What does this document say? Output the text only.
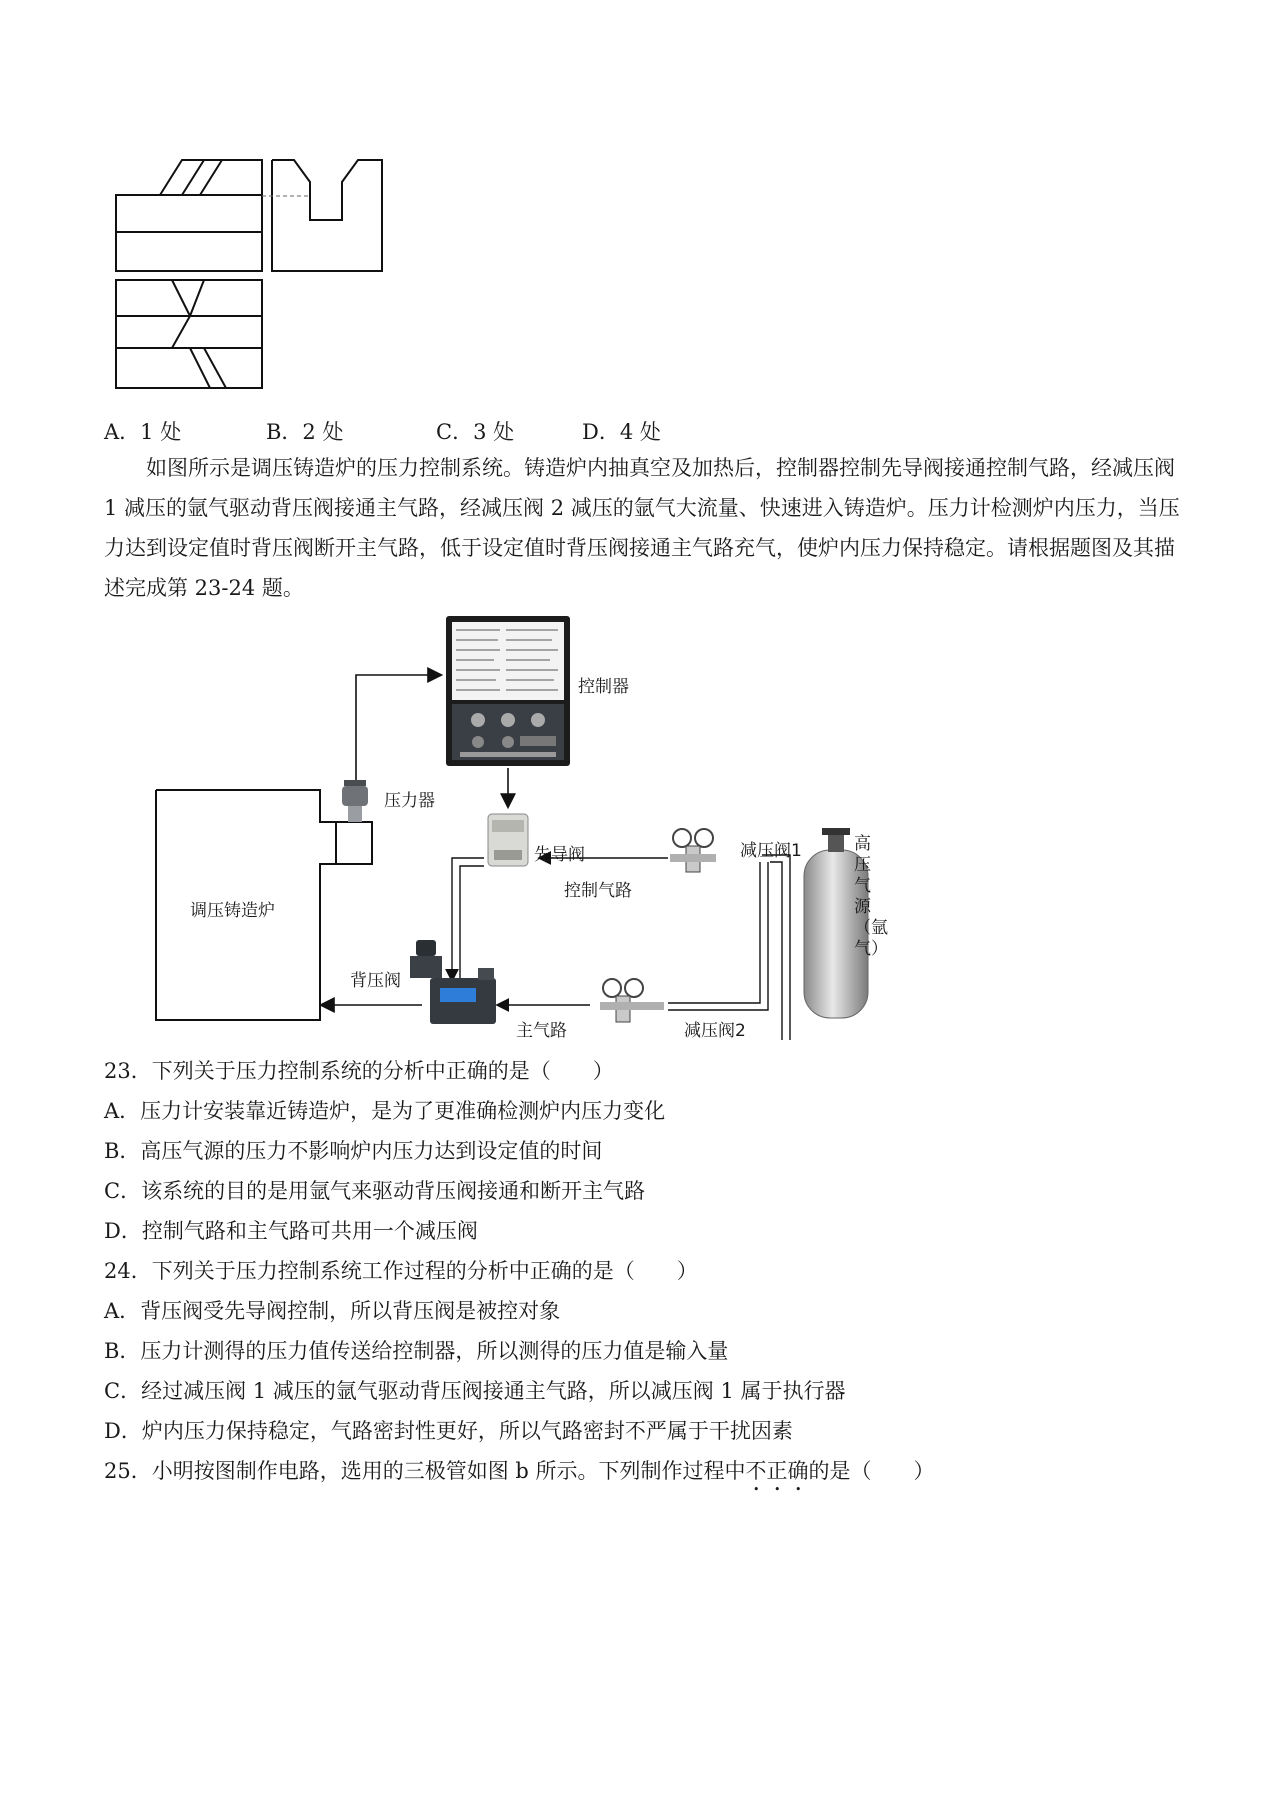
A．1 处	B．2 处	C．3 处	D．4 处
如图所示是调压铸造炉的压力控制系统。铸造炉内抽真空及加热后，控制器控制先导阀接通控制气路，经减压阀 1 减压的氩气驱动背压阀接通主气路，经减压阀 2 减压的氩气大流量、快速进入铸造炉。压力计检测炉内压力，当压力达到设定值时背压阀断开主气路，低于设定值时背压阀接通主气路充气，使炉内压力保持稳定。请根据题图及其描述完成第 23-24 题。
控制器
压力器
调压铸造炉
先导阀
控制气路
减压阀1
背压阀
主气路	减压阀2
高压气源（氩气）
23．下列关于压力控制系统的分析中正确的是（　　）
A．压力计安装靠近铸造炉，是为了更准确检测炉内压力变化
B．高压气源的压力不影响炉内压力达到设定值的时间
C．该系统的目的是用氩气来驱动背压阀接通和断开主气路
D．控制气路和主气路可共用一个减压阀
24．下列关于压力控制系统工作过程的分析中正确的是（　　）
A．背压阀受先导阀控制，所以背压阀是被控对象
B．压力计测得的压力值传送给控制器，所以测得的压力值是输入量
C．经过减压阀 1 减压的氩气驱动背压阀接通主气路，所以减压阀 1 属于执行器
D．炉内压力保持稳定，气路密封性更好，所以气路密封不严属于干扰因素
25．小明按图制作电路，选用的三极管如图 b 所示。下列制作过程中不正确的是（　　）
